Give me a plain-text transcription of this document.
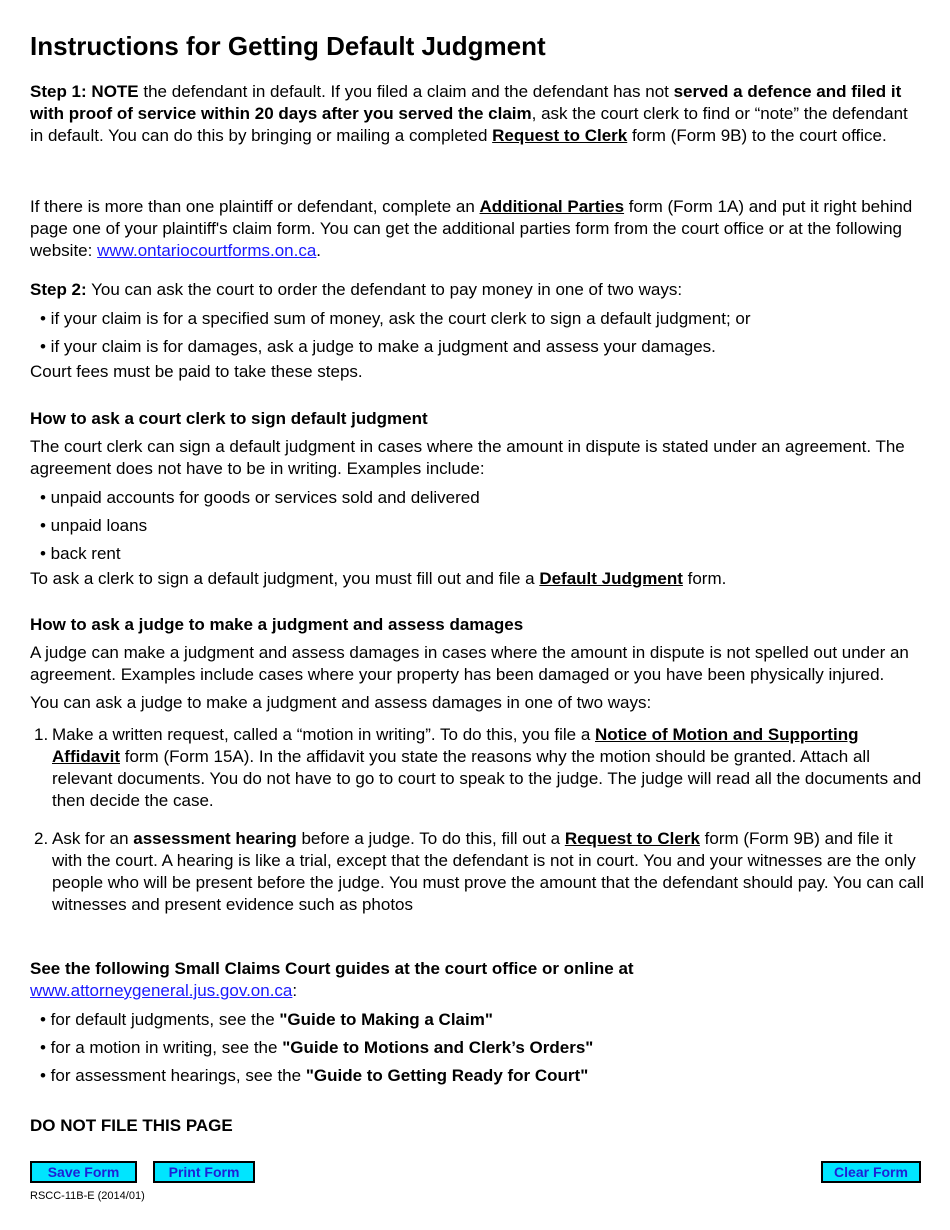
Instructions for Getting Default Judgment

Step 1: NOTE the defendant in default. If you filed a claim and the defendant has not served a defence and filed it with proof of service within 20 days after you served the claim, ask the court clerk to find or “note” the defendant in default. You can do this by bringing or mailing a completed Request to Clerk form (Form 9B) to the court office.

If there is more than one plaintiff or defendant, complete an Additional Parties form (Form 1A) and put it right behind page one of your plaintiff's claim form. You can get the additional parties form from the court office or at the following website: www.ontariocourtforms.on.ca.

Step 2: You can ask the court to order the defendant to pay money in one of two ways:

• if your claim is for a specified sum of money, ask the court clerk to sign a default judgment; or
• if your claim is for damages, ask a judge to make a judgment and assess your damages.

Court fees must be paid to take these steps.

How to ask a court clerk to sign default judgment

The court clerk can sign a default judgment in cases where the amount in dispute is stated under an agreement. The agreement does not have to be in writing. Examples include:

• unpaid accounts for goods or services sold and delivered
• unpaid loans
• back rent

To ask a clerk to sign a default judgment, you must fill out and file a Default Judgment form.

How to ask a judge to make a judgment and assess damages

A judge can make a judgment and assess damages in cases where the amount in dispute is not spelled out under an agreement. Examples include cases where your property has been damaged or you have been physically injured.

You can ask a judge to make a judgment and assess damages in one of two ways:

1. Make a written request, called a “motion in writing”. To do this, you file a Notice of Motion and Supporting Affidavit form (Form 15A). In the affidavit you state the reasons why the motion should be granted. Attach all relevant documents. You do not have to go to court to speak to the judge. The judge will read all the documents and then decide the case.
2. Ask for an assessment hearing before a judge. To do this, fill out a Request to Clerk form (Form 9B) and file it with the court. A hearing is like a trial, except that the defendant is not in court. You and your witnesses are the only people who will be present before the judge. You must prove the amount that the defendant should pay. You can call witnesses and present evidence such as photos

See the following Small Claims Court guides at the court office or online at

www.attorneygeneral.jus.gov.on.ca:

• for default judgments, see the "Guide to Making a Claim"
• for a motion in writing, see the "Guide to Motions and Clerk’s Orders"
• for assessment hearings, see the "Guide to Getting Ready for Court"

DO NOT FILE THIS PAGE

Save Form	Print Form	Clear Form
RSCC-11B-E (2014/01)
